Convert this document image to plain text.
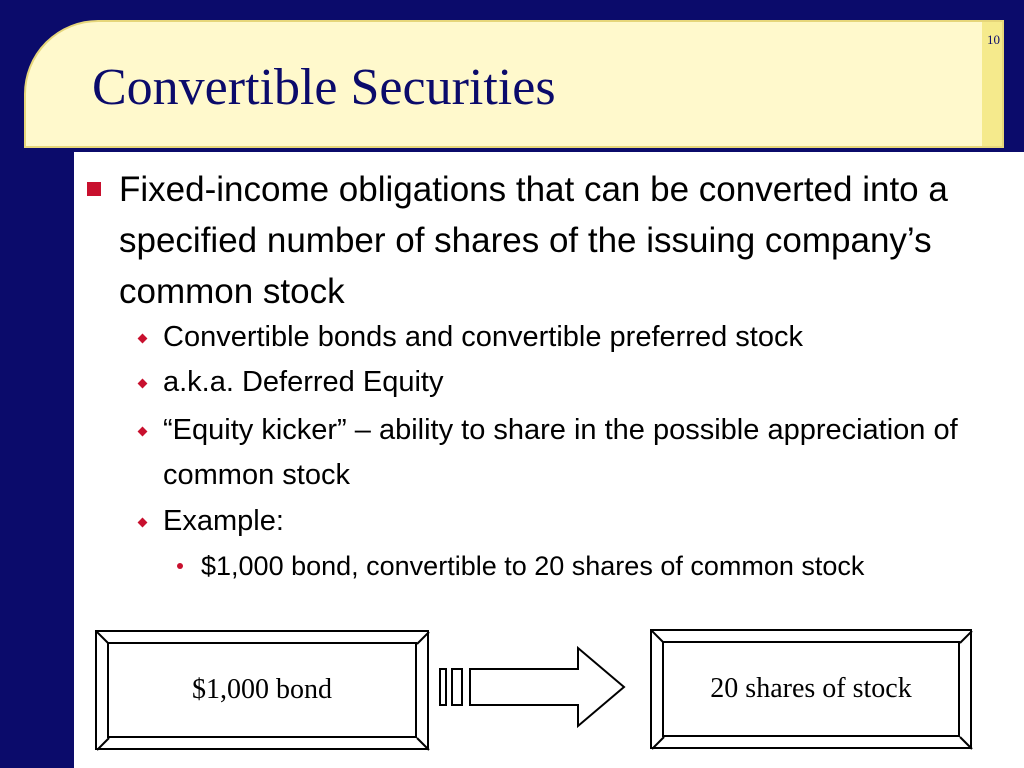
10
Convertible Securities
Fixed-income obligations that can be converted into a specified number of shares of the issuing company’s common stock
Convertible bonds and convertible preferred stock
a.k.a. Deferred Equity
“Equity kicker” – ability to share in the possible appreciation of common stock
Example:
$1,000 bond, convertible to 20 shares of common stock
$1,000 bond	20 shares of stock
